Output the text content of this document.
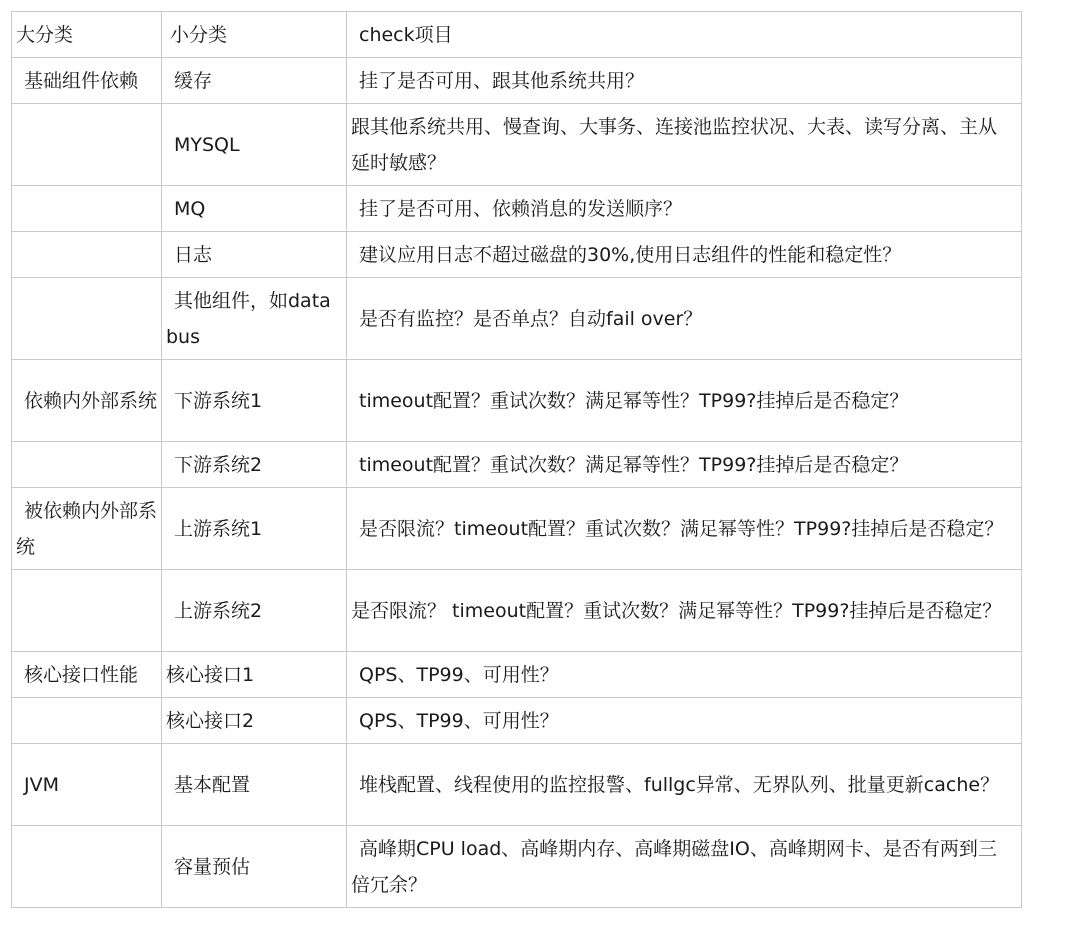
大分类	小分类	check项目
基础组件依赖	缓存	挂了是否可用、跟其他系统共用？
	MYSQL	跟其他系统共用、慢查询、大事务、连接池监控状况、大表、读写分离、主从延时敏感？
	MQ	挂了是否可用、依赖消息的发送顺序？
	日志	建议应用日志不超过磁盘的30%,使用日志组件的性能和稳定性？
	其他组件，如databus	是否有监控？是否单点？自动fail over？
依赖内外部系统	下游系统1	timeout配置？重试次数？满足幂等性？TP99?挂掉后是否稳定？
	下游系统2	timeout配置？重试次数？满足幂等性？TP99?挂掉后是否稳定？
被依赖内外部系统	上游系统1	是否限流？timeout配置？重试次数？满足幂等性？TP99?挂掉后是否稳定？
	上游系统2	是否限流？ timeout配置？重试次数？满足幂等性？TP99?挂掉后是否稳定？
核心接口性能	核心接口1	QPS、TP99、可用性？
	核心接口2	QPS、TP99、可用性？
JVM	基本配置	堆栈配置、线程使用的监控报警、fullgc异常、无界队列、批量更新cache？
	容量预估	高峰期CPU load、高峰期内存、高峰期磁盘IO、高峰期网卡、是否有两到三倍冗余？
